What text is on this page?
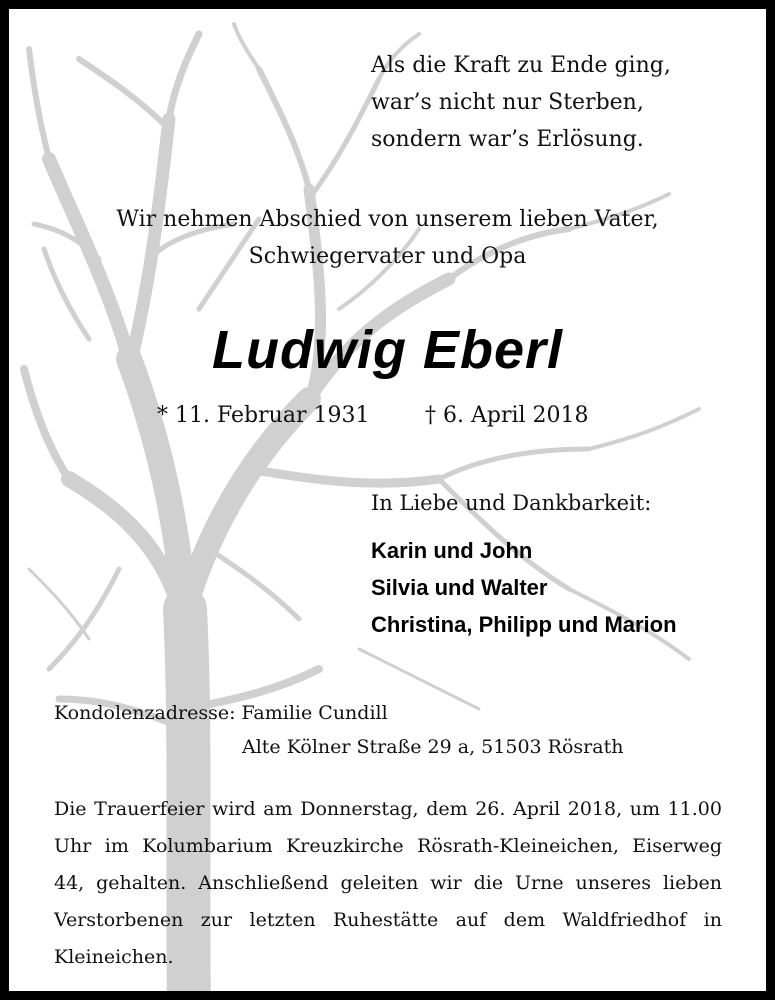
Als die Kraft zu Ende ging,
war’s nicht nur Sterben,
sondern war’s Erlösung.
Wir nehmen Abschied von unserem lieben Vater,
Schwiegervater und Opa
Ludwig Eberl
* 11. Februar 1931	† 6. April 2018
In Liebe und Dankbarkeit:
Karin und John
Silvia und Walter
Christina, Philipp und Marion
Kondolenzadresse: Familie Cundill
Alte Kölner Straße 29 a, 51503 Rösrath
Die Trauerfeier wird am Donnerstag, dem 26. April 2018, um 11.00
Uhr im Kolumbarium Kreuzkirche Rösrath-Kleineichen, Eiserweg
44, gehalten. Anschließend geleiten wir die Urne unseres lieben
Verstorbenen zur letzten Ruhestätte auf dem Waldfriedhof in
Kleineichen.
